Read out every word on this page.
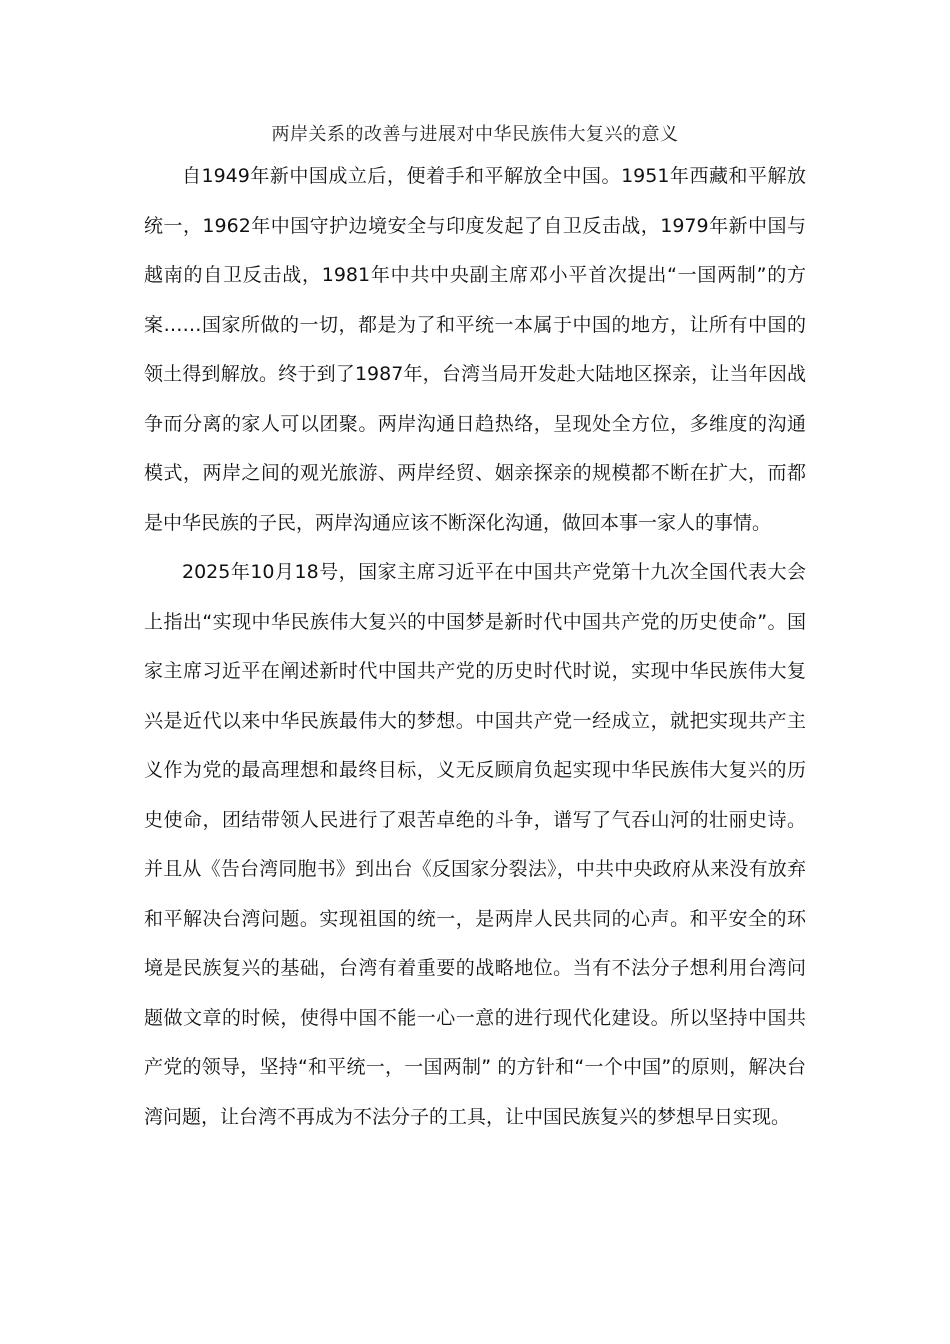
两岸关系的改善与进展对中华民族伟大复兴的意义

自1949年新中国成立后，便着手和平解放全中国。1951年西藏和平解放统一，1962年中国守护边境安全与印度发起了自卫反击战，1979年新中国与越南的自卫反击战，1981年中共中央副主席邓小平首次提出“一国两制”的方案……国家所做的一切，都是为了和平统一本属于中国的地方，让所有中国的领土得到解放。终于到了1987年，台湾当局开发赴大陆地区探亲，让当年因战争而分离的家人可以团聚。两岸沟通日趋热络，呈现处全方位，多维度的沟通模式，两岸之间的观光旅游、两岸经贸、姻亲探亲的规模都不断在扩大，而都是中华民族的子民，两岸沟通应该不断深化沟通，做回本事一家人的事情。

2025年10月18号，国家主席习近平在中国共产党第十九次全国代表大会上指出“实现中华民族伟大复兴的中国梦是新时代中国共产党的历史使命”。国家主席习近平在阐述新时代中国共产党的历史时代时说，实现中华民族伟大复兴是近代以来中华民族最伟大的梦想。中国共产党一经成立，就把实现共产主义作为党的最高理想和最终目标，义无反顾肩负起实现中华民族伟大复兴的历史使命，团结带领人民进行了艰苦卓绝的斗争，谱写了气吞山河的壮丽史诗。并且从《告台湾同胞书》到出台《反国家分裂法》，中共中央政府从来没有放弃和平解决台湾问题。实现祖国的统一，是两岸人民共同的心声。和平安全的环境是民族复兴的基础，台湾有着重要的战略地位。当有不法分子想利用台湾问题做文章的时候，使得中国不能一心一意的进行现代化建设。所以坚持中国共产党的领导，坚持“和平统一，一国两制” 的方针和“一个中国”的原则，解决台湾问题，让台湾不再成为不法分子的工具，让中国民族复兴的梦想早日实现。
